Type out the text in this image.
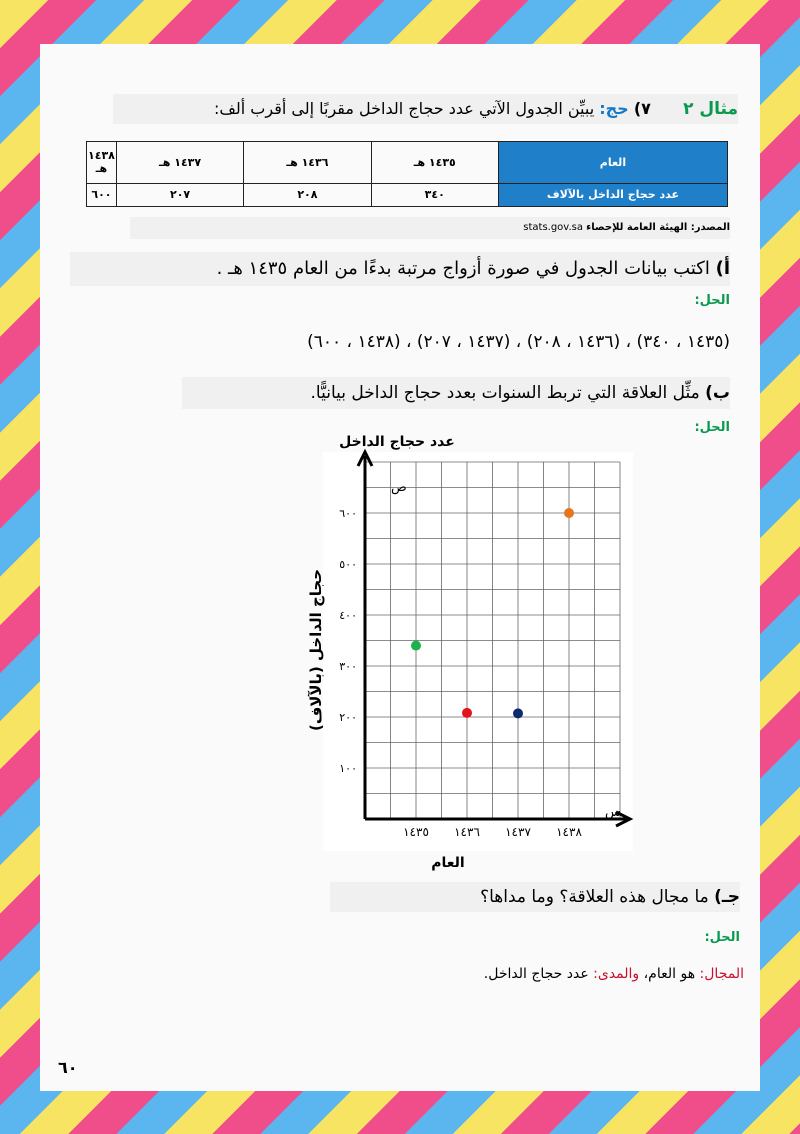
مثال ٢  ٧) حج: يبيِّن الجدول الآتي عدد حجاج الداخل مقربًا إلى أقرب ألف:
العام	١٤٣٥ هـ	١٤٣٦ هـ	١٤٣٧ هـ	١٤٣٨ هـ
عدد حجاج الداخل بالآلاف	٣٤٠	٢٠٨	٢٠٧	٦٠٠
المصدر: الهيئة العامة للإحصاء stats.gov.sa
أ) اكتب بيانات الجدول في صورة أزواج مرتبة بدءًا من العام ١٤٣٥ هـ .
الحل:
(١٤٣٥ ، ٣٤٠) ، (١٤٣٦ ، ٢٠٨) ، (١٤٣٧ ، ٢٠٧) ، (١٤٣٨ ، ٦٠٠)
ب) مثِّل العلاقة التي تربط السنوات بعدد حجاج الداخل بيانيًّا.
الحل:
١٠٠
٢٠٠
٣٠٠
٤٠٠
٥٠٠
٦٠٠
١٤٣٥ ١٤٣٦ ١٤٣٧ ١٤٣٨
عدد حجاج الداخل
العام
حجاج الداخل (بالآلاف)
س
ص
جـ) ما مجال هذه العلاقة؟ وما مداها؟
الحل:
المجال: هو العام، والمدى: عدد حجاج الداخل.
٦٠
